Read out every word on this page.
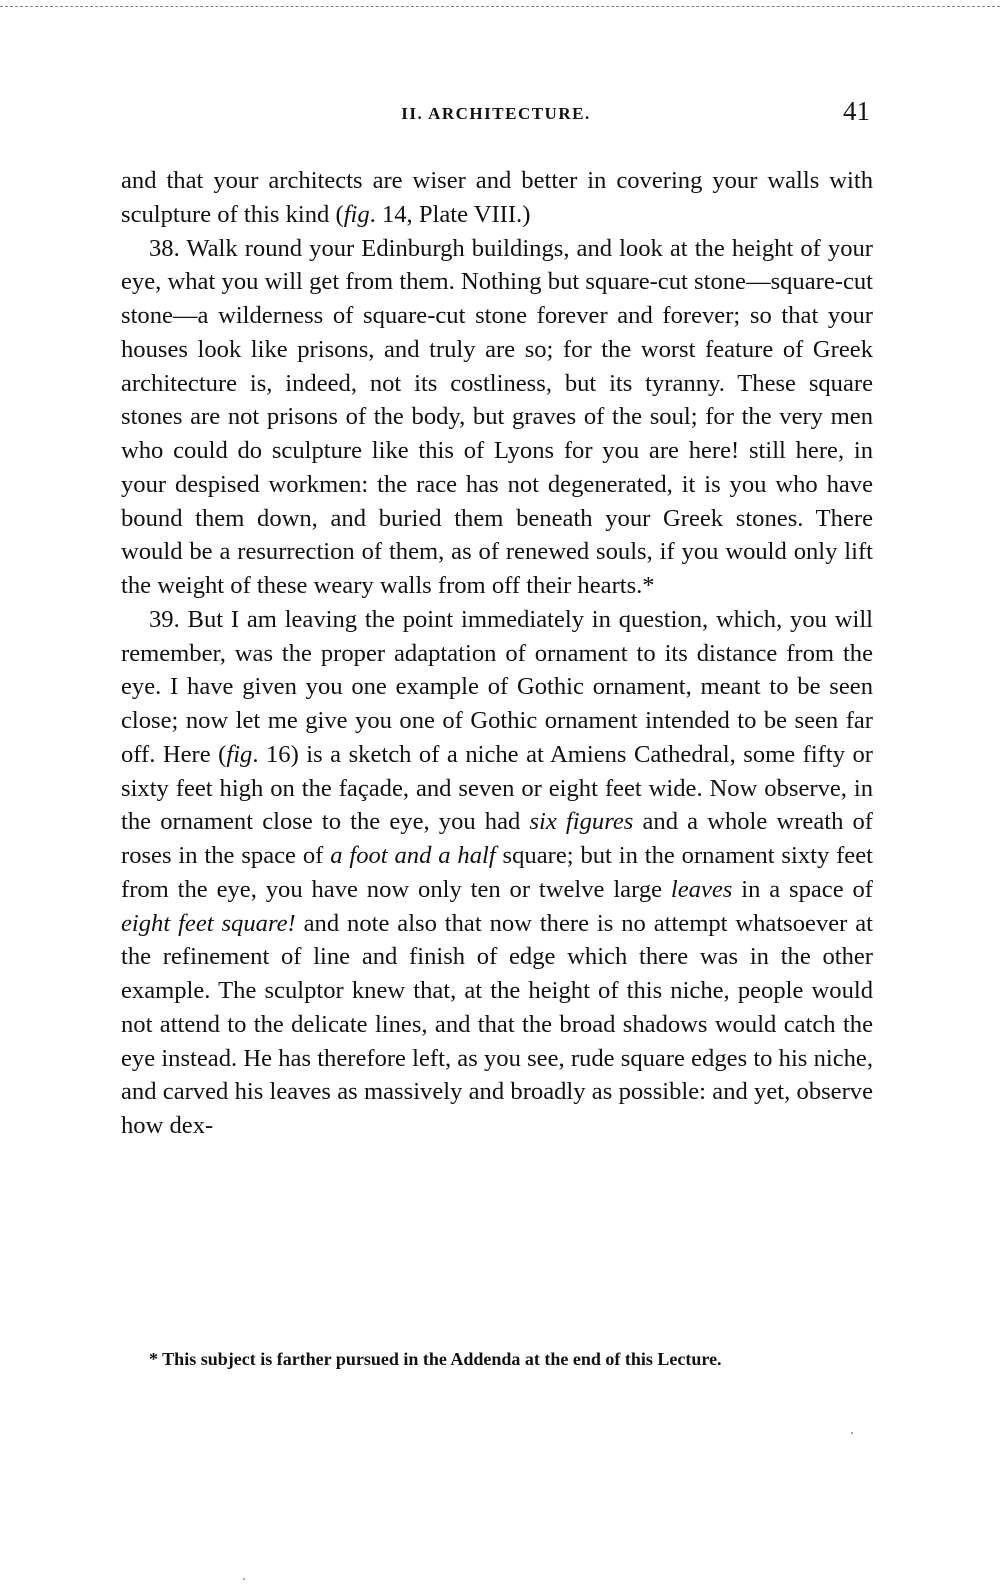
II. ARCHITECTURE.	41

and that your architects are wiser and better in covering your walls with sculpture of this kind (fig. 14, Plate VIII.)

38. Walk round your Edinburgh buildings, and look at the height of your eye, what you will get from them. Nothing but square-cut stone—square-cut stone—a wilderness of square-cut stone forever and forever; so that your houses look like prisons, and truly are so; for the worst feature of Greek architecture is, indeed, not its costliness, but its tyranny. These square stones are not prisons of the body, but graves of the soul; for the very men who could do sculpture like this of Lyons for you are here! still here, in your despised workmen: the race has not degenerated, it is you who have bound them down, and buried them beneath your Greek stones. There would be a resurrection of them, as of renewed souls, if you would only lift the weight of these weary walls from off their hearts.*

39. But I am leaving the point immediately in question, which, you will remember, was the proper adaptation of ornament to its distance from the eye. I have given you one example of Gothic ornament, meant to be seen close; now let me give you one of Gothic ornament intended to be seen far off. Here (fig. 16) is a sketch of a niche at Amiens Cathedral, some fifty or sixty feet high on the façade, and seven or eight feet wide. Now observe, in the ornament close to the eye, you had six figures and a whole wreath of roses in the space of a foot and a half square; but in the ornament sixty feet from the eye, you have now only ten or twelve large leaves in a space of eight feet square! and note also that now there is no attempt whatsoever at the refinement of line and finish of edge which there was in the other example. The sculptor knew that, at the height of this niche, people would not attend to the delicate lines, and that the broad shadows would catch the eye instead. He has therefore left, as you see, rude square edges to his niche, and carved his leaves as massively and broadly as possible: and yet, observe how dex-

* This subject is farther pursued in the Addenda at the end of this Lecture.
